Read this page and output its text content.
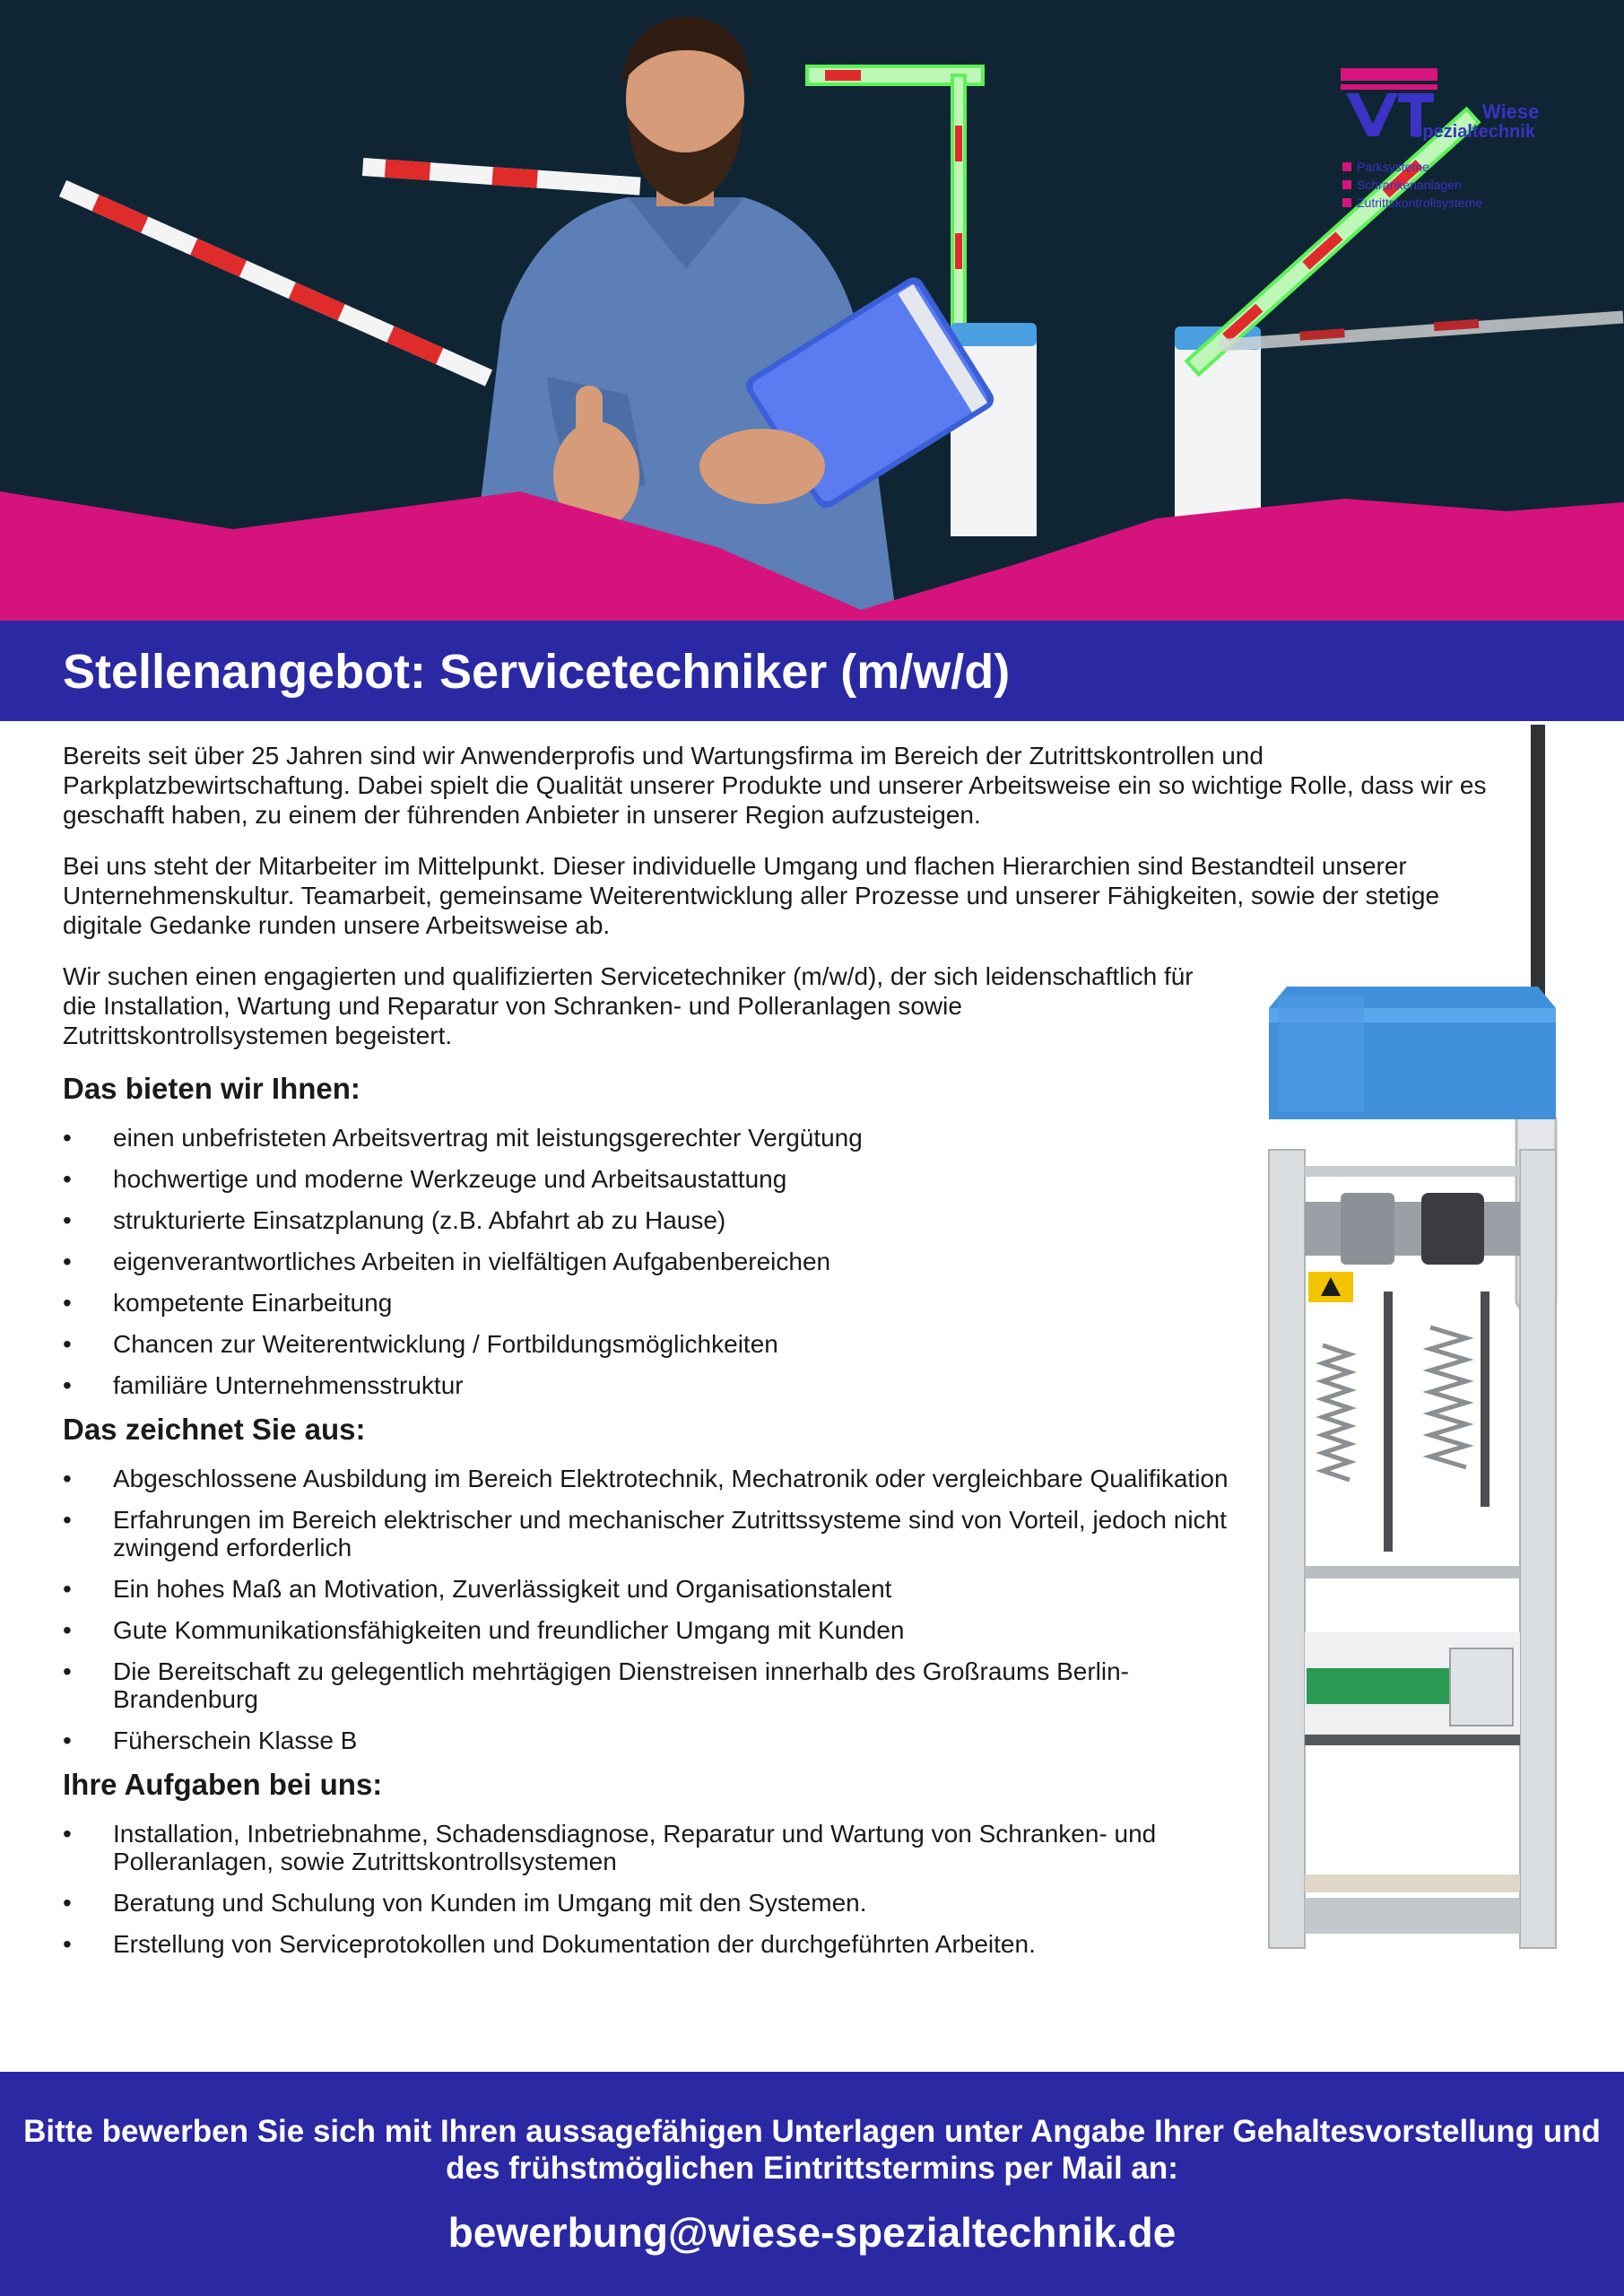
Wiese
Spezialtechnik
Parksysteme
Schrankenanlagen
Zutrittskontrollsysteme
Stellenangebot: Servicetechniker (m/w/d)

Bereits seit über 25 Jahren sind wir Anwenderprofis und Wartungsfirma im Bereich der Zutrittskontrollen und Parkplatzbewirtschaftung. Dabei spielt die Qualität unserer Produkte und unserer Arbeitsweise ein so wichtige Rolle, dass wir es geschafft haben, zu einem der führenden Anbieter in unserer Region aufzusteigen.

Bei uns steht der Mitarbeiter im Mittelpunkt. Dieser individuelle Umgang und flachen Hierarchien sind Bestandteil unserer Unternehmenskultur. Teamarbeit, gemeinsame Weiterentwicklung aller Prozesse und unserer Fähigkeiten, sowie der stetige digitale Gedanke runden unsere Arbeitsweise ab.

Wir suchen einen engagierten und qualifizierten Servicetechniker (m/w/d), der sich leidenschaftlich für die Installation, Wartung und Reparatur von Schranken- und Polleranlagen sowie Zutrittskontrollsystemen begeistert.

Das bieten wir Ihnen:
• einen unbefristeten Arbeitsvertrag mit leistungsgerechter Vergütung
• hochwertige und moderne Werkzeuge und Arbeitsaustattung
• strukturierte Einsatzplanung (z.B. Abfahrt ab zu Hause)
• eigenverantwortliches Arbeiten in vielfältigen Aufgabenbereichen
• kompetente Einarbeitung
• Chancen zur Weiterentwicklung / Fortbildungsmöglichkeiten
• familiäre Unternehmensstruktur
Das zeichnet Sie aus:
• Abgeschlossene Ausbildung im Bereich Elektrotechnik, Mechatronik oder vergleichbare Qualifikation
• Erfahrungen im Bereich elektrischer und mechanischer Zutrittssysteme sind von Vorteil, jedoch nicht zwingend erforderlich
• Ein hohes Maß an Motivation, Zuverlässigkeit und Organisationstalent
• Gute Kommunikationsfähigkeiten und freundlicher Umgang mit Kunden
• Die Bereitschaft zu gelegentlich mehrtägigen Dienstreisen innerhalb des Großraums Berlin-Brandenburg
• Füherschein Klasse B
Ihre Aufgaben bei uns:
• Installation, Inbetriebnahme, Schadensdiagnose, Reparatur und Wartung von Schranken- und Polleranlagen, sowie Zutrittskontrollsystemen
• Beratung und Schulung von Kunden im Umgang mit den Systemen.
• Erstellung von Serviceprotokollen und Dokumentation der durchgeführten Arbeiten.
Bitte bewerben Sie sich mit Ihren aussagefähigen Unterlagen unter Angabe Ihrer Gehaltesvorstellung und des frühstmöglichen Eintrittstermins per Mail an:
bewerbung@wiese-spezialtechnik.de
